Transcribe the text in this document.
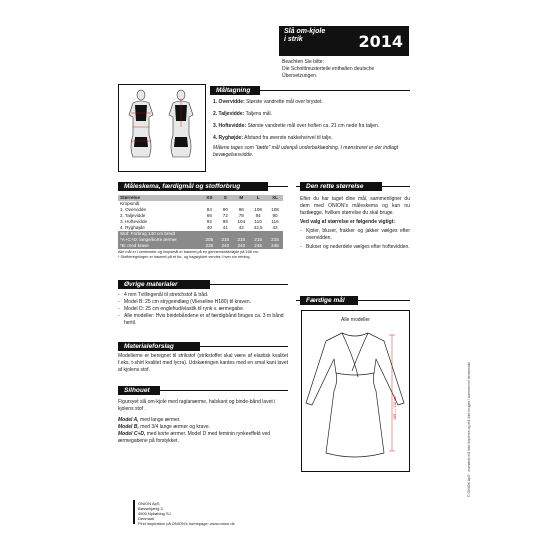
Slå om-kjole
i strik	2014
Beachten Sie bitte:
Die Schnittmusterteile enthalten deutsche
Übersetzungen.
Måltagning
1. Overvidde: Største vandrette mål over brystet.
2. Taljevidde: Taljens mål.
3. Hoftevidde: Største vandrette mål over hoften ca. 21 cm nede fra taljen.
4. Ryghøjde: Afstand fra øverste nakkehvirvel til talje.
Målene tages som "tætte" mål udenpå underbeklædning. I mønstreret er der indlagt bevægelsesvidde.
Måleskema, færdigmål og stofforbrug
Størrelse	XS	S	M	L	XL
Kropsmål					
1. Overvidde	84	90	96	108	108
2. Taljevidde	66	72	78	84	90
3. Hoftevidde	92	98	104	110	116
4. Ryghøjde	40	41	42	42,5	43
Stof: Forbrug 140 cm bredt					
*A+C+D: lange/korte ærmer	205	210	210	215	215
*B: med krave	235	240	240	245	245
Alle mål er i centimeter og kropsmål er baseret på en gennemsnitshøjde på 168 cm.
* Stofberegningen er baseret på et for- og bagstykket vendes i hver sin retning.
Den rette størrelse
Efter du har taget dine mål, sammenligner du dem med ONION's måleskema og kan nu fastlægge, hvilken størrelse du skal bruge.
Ved valg af størrelse er følgende vigtigt:
- Kjoler, bluser, frakker og jakker vælges efter overvidden.
- Bukser og nederdele vælges efter hoftevidden.
Øvrige materialer
- 4 mm Tvillingenål til stretchstof & tråd.
- Model B: 25 cm strygeindlæg (Vlieseline H180) til kraven.
- Model D: 25 cm englehud/elastik til rynk v. ærmegabe.
- Alle modeller: Hvis bindebåndene er af færdigbånd bruges ca. 3 m bånd hertil.
Materialeforslag
Modellerne er beregnet til strikstof (strikstoffet skal være af elastisk kvalitet f.eks. t-shirt kvalitet med lycra). Udskæringen kantes med en smal kant lavet af kjolens stof.
Silhouet
Figursyet slå om-kjole med raglanærme, halskant og binde-bånd lavet i kjolens stof .
Model A, med lange ærmer.
Model B, med 3/4 lange ærmer og krave.
Model C+D, med korte ærmer. Model D med feminin rynkeeffekt ved ærmegabene på forstykket.
Færdige mål
Alle modeller
109 — 112 cm	© ONION ApS · mønstret må ikke kopieres og må ikke bruges i kommerciel henseende
ONION ApS
Bøssekjærg 3
4500 Nykøbing SJ.
Denmark
Find inspiration på ONION's homepage: www.onion.dk
